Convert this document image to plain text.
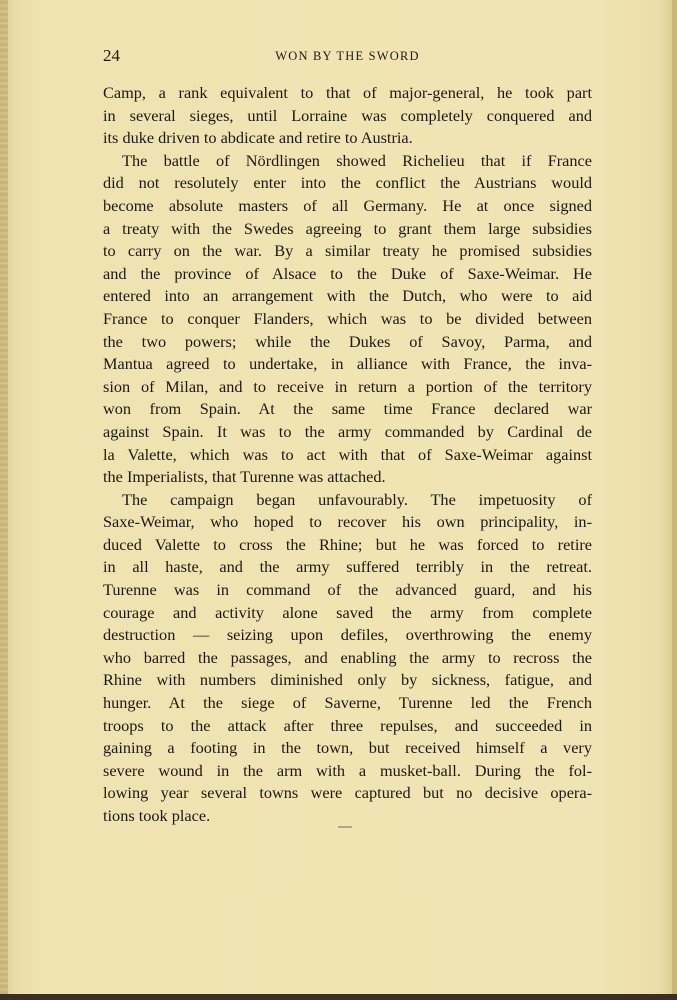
24	WON BY THE SWORD
Camp, a rank equivalent to that of major-general, he took part
in several sieges, until Lorraine was completely conquered and
its duke driven to abdicate and retire to Austria.
The battle of Nördlingen showed Richelieu that if France
did not resolutely enter into the conflict the Austrians would
become absolute masters of all Germany. He at once signed
a treaty with the Swedes agreeing to grant them large subsidies
to carry on the war. By a similar treaty he promised subsidies
and the province of Alsace to the Duke of Saxe-Weimar. He
entered into an arrangement with the Dutch, who were to aid
France to conquer Flanders, which was to be divided between
the two powers; while the Dukes of Savoy, Parma, and
Mantua agreed to undertake, in alliance with France, the inva-
sion of Milan, and to receive in return a portion of the territory
won from Spain. At the same time France declared war
against Spain. It was to the army commanded by Cardinal de
la Valette, which was to act with that of Saxe-Weimar against
the Imperialists, that Turenne was attached.
The campaign began unfavourably. The impetuosity of
Saxe-Weimar, who hoped to recover his own principality, in-
duced Valette to cross the Rhine; but he was forced to retire
in all haste, and the army suffered terribly in the retreat.
Turenne was in command of the advanced guard, and his
courage and activity alone saved the army from complete
destruction — seizing upon defiles, overthrowing the enemy
who barred the passages, and enabling the army to recross the
Rhine with numbers diminished only by sickness, fatigue, and
hunger. At the siege of Saverne, Turenne led the French
troops to the attack after three repulses, and succeeded in
gaining a footing in the town, but received himself a very
severe wound in the arm with a musket-ball. During the fol-
lowing year several towns were captured but no decisive opera-
tions took place.
